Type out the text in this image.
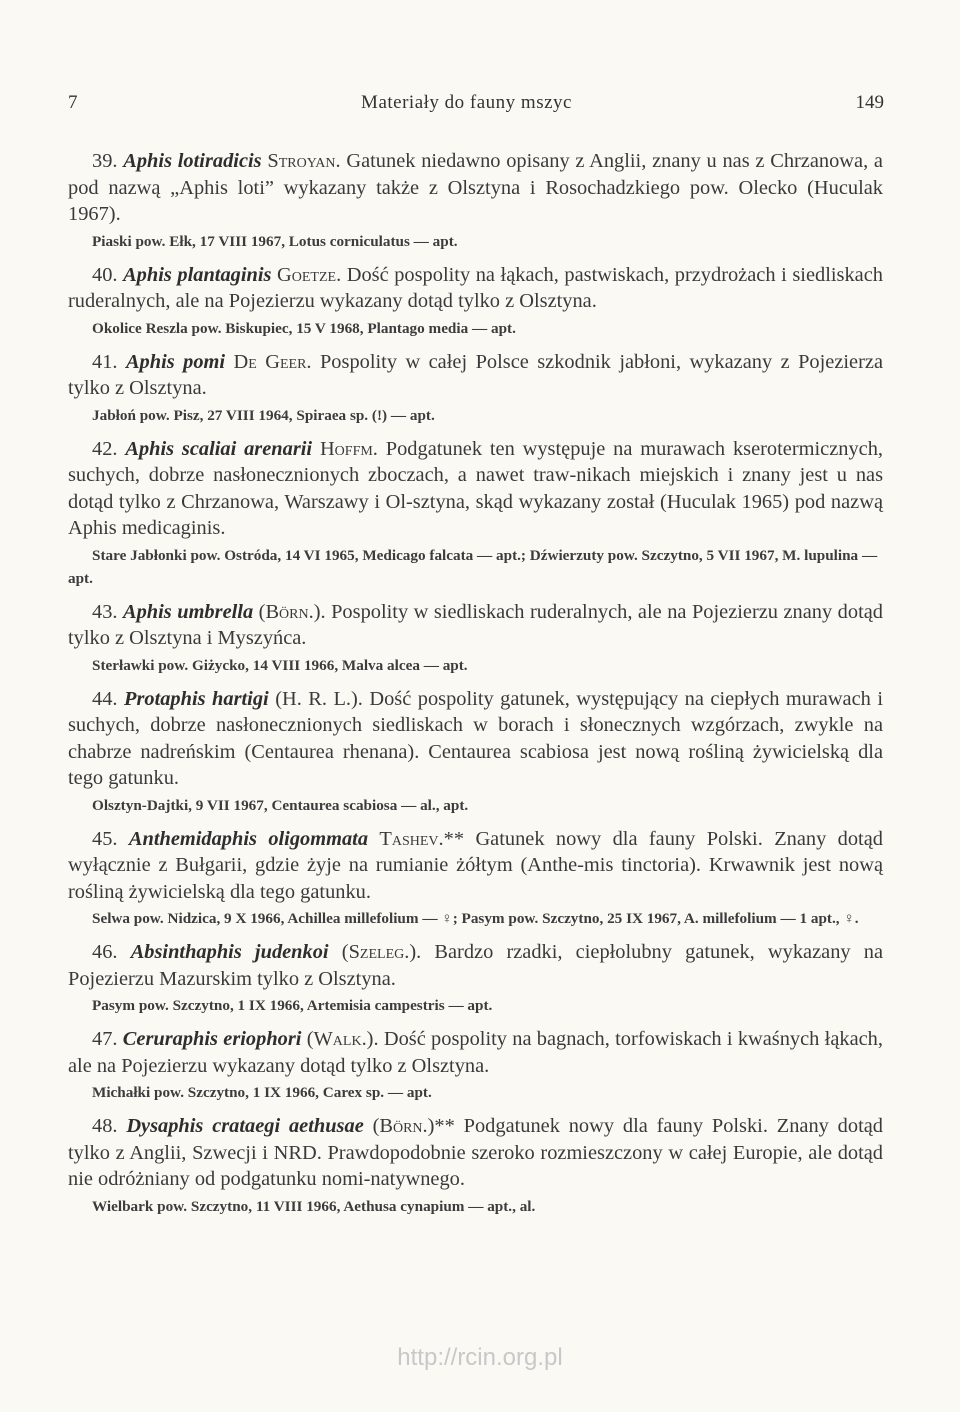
7	Materiały do fauny mszyc	149

39. Aphis lotiradicis Stroyan. Gatunek niedawno opisany z Anglii, znany u nas z Chrzanowa, a pod nazwą „Aphis loti” wykazany także z Olsztyna i Rosochadzkiego pow. Olecko (Huculak 1967).

Piaski pow. Ełk, 17 VIII 1967, Lotus corniculatus — apt.

40. Aphis plantaginis Goetze. Dość pospolity na łąkach, pastwiskach, przydrożach i siedliskach ruderalnych, ale na Pojezierzu wykazany dotąd tylko z Olsztyna.

Okolice Reszla pow. Biskupiec, 15 V 1968, Plantago media — apt.

41. Aphis pomi De Geer. Pospolity w całej Polsce szkodnik jabłoni, wykazany z Pojezierza tylko z Olsztyna.

Jabłoń pow. Pisz, 27 VIII 1964, Spiraea sp. (!) — apt.

42. Aphis scaliai arenarii Hoffm. Podgatunek ten występuje na murawach kserotermicznych, suchych, dobrze nasłonecznionych zboczach, a nawet traw-nikach miejskich i znany jest u nas dotąd tylko z Chrzanowa, Warszawy i Ol-sztyna, skąd wykazany został (Huculak 1965) pod nazwą Aphis medicaginis.

Stare Jabłonki pow. Ostróda, 14 VI 1965, Medicago falcata — apt.; Dźwierzuty pow. Szczytno, 5 VII 1967, M. lupulina — apt.

43. Aphis umbrella (Börn.). Pospolity w siedliskach ruderalnych, ale na Pojezierzu znany dotąd tylko z Olsztyna i Myszyńca.

Sterławki pow. Giżycko, 14 VIII 1966, Malva alcea — apt.

44. Protaphis hartigi (H. R. L.). Dość pospolity gatunek, występujący na ciepłych murawach i suchych, dobrze nasłonecznionych siedliskach w borach i słonecznych wzgórzach, zwykle na chabrze nadreńskim (Centaurea rhenana). Centaurea scabiosa jest nową rośliną żywicielską dla tego gatunku.

Olsztyn-Dajtki, 9 VII 1967, Centaurea scabiosa — al., apt.

45. Anthemidaphis oligommata Tashev.** Gatunek nowy dla fauny Polski. Znany dotąd wyłącznie z Bułgarii, gdzie żyje na rumianie żółtym (Anthe-mis tinctoria). Krwawnik jest nową rośliną żywicielską dla tego gatunku.

Selwa pow. Nidzica, 9 X 1966, Achillea millefolium — ♀; Pasym pow. Szczytno, 25 IX 1967, A. millefolium — 1 apt., ♀.

46. Absinthaphis judenkoi (Szeleg.). Bardzo rzadki, ciepłolubny gatunek, wykazany na Pojezierzu Mazurskim tylko z Olsztyna.

Pasym pow. Szczytno, 1 IX 1966, Artemisia campestris — apt.

47. Ceruraphis eriophori (Walk.). Dość pospolity na bagnach, torfowiskach i kwaśnych łąkach, ale na Pojezierzu wykazany dotąd tylko z Olsztyna.

Michałki pow. Szczytno, 1 IX 1966, Carex sp. — apt.

48. Dysaphis crataegi aethusae (Börn.)** Podgatunek nowy dla fauny Polski. Znany dotąd tylko z Anglii, Szwecji i NRD. Prawdopodobnie szeroko rozmieszczony w całej Europie, ale dotąd nie odróżniany od podgatunku nomi-natywnego.

Wielbark pow. Szczytno, 11 VIII 1966, Aethusa cynapium — apt., al.

http://rcin.org.pl
